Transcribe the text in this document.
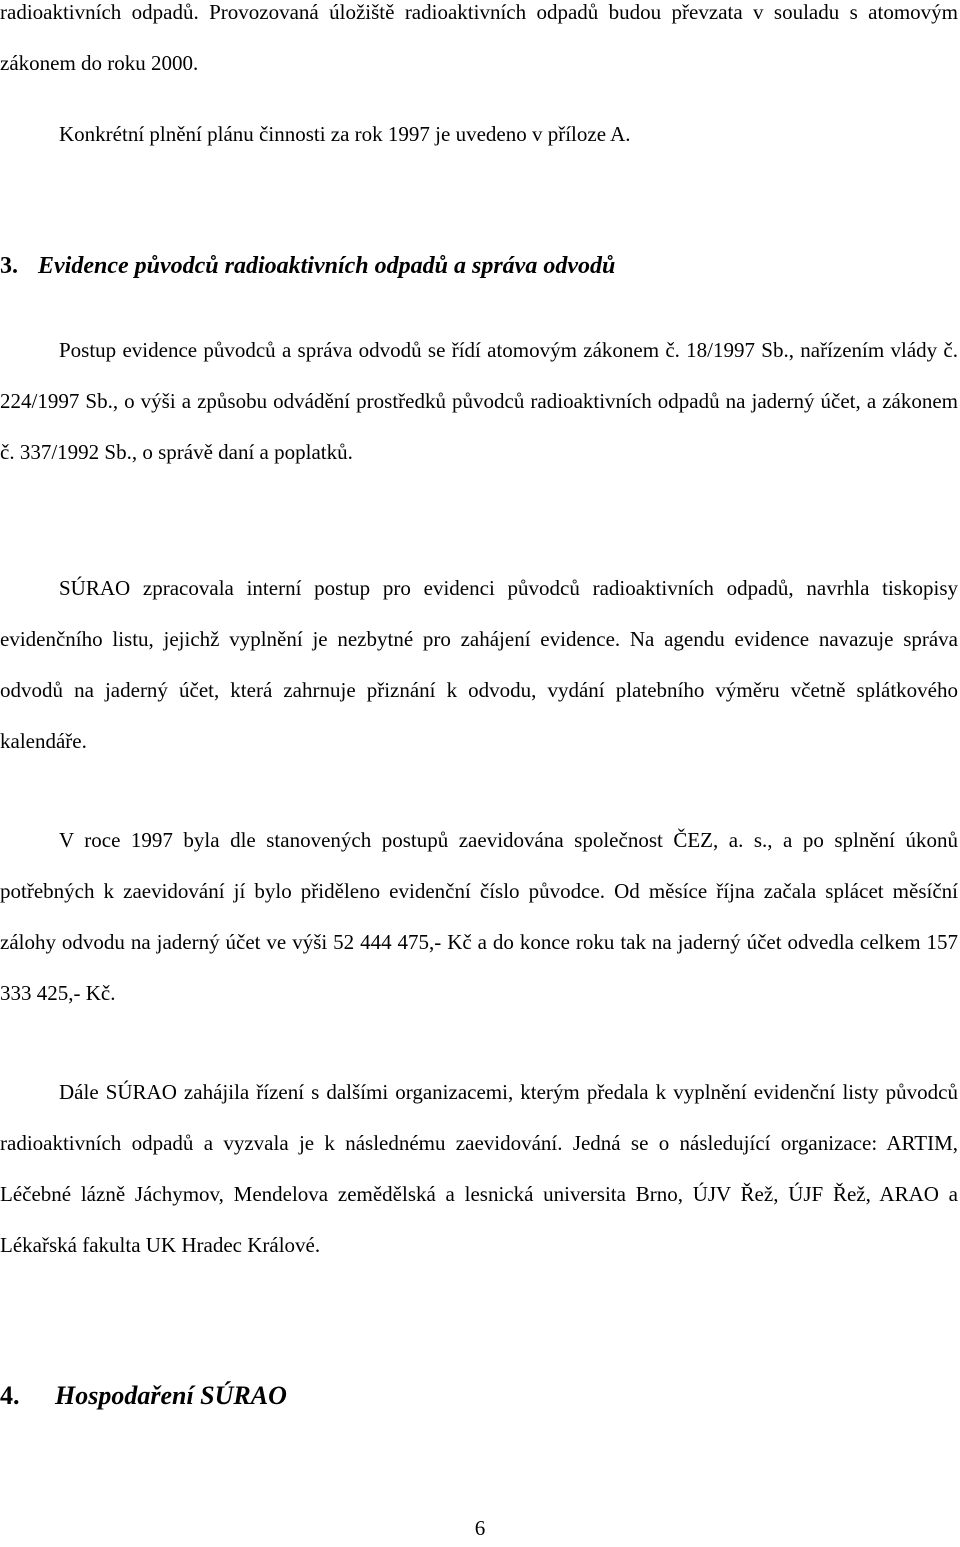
radioaktivních odpadů. Provozovaná úložiště radioaktivních odpadů budou převzata v souladu s atomovým zákonem do roku 2000.

Konkrétní plnění plánu činnosti za rok 1997 je uvedeno v příloze A.

3. Evidence původců radioaktivních odpadů a správa odvodů

Postup evidence původců a správa odvodů se řídí atomovým zákonem č. 18/1997 Sb., nařízením vlády č. 224/1997 Sb., o výši a způsobu odvádění prostředků původců radioaktivních odpadů na jaderný účet, a zákonem č. 337/1992 Sb., o správě daní a poplatků.

SÚRAO zpracovala interní postup pro evidenci původců radioaktivních odpadů, navrhla tiskopisy evidenčního listu, jejichž vyplnění je nezbytné pro zahájení evidence. Na agendu evidence navazuje správa odvodů na jaderný účet, která zahrnuje přiznání k odvodu, vydání platebního výměru včetně splátkového kalendáře.

V roce 1997 byla dle stanovených postupů zaevidována společnost ČEZ, a. s., a po splnění úkonů potřebných k zaevidování jí bylo přiděleno evidenční číslo původce. Od měsíce října začala splácet měsíční zálohy odvodu na jaderný účet ve výši 52 444 475,- Kč a do konce roku tak na jaderný účet odvedla celkem 157 333 425,- Kč.

Dále SÚRAO zahájila řízení s dalšími organizacemi, kterým předala k vyplnění evidenční listy původců radioaktivních odpadů a vyzvala je k následnému zaevidování. Jedná se o následující organizace: ARTIM, Léčebné lázně Jáchymov, Mendelova zemědělská a lesnická universita Brno, ÚJV Řež, ÚJF Řež, ARAO a Lékařská fakulta UK Hradec Králové.

4. Hospodaření SÚRAO

6
